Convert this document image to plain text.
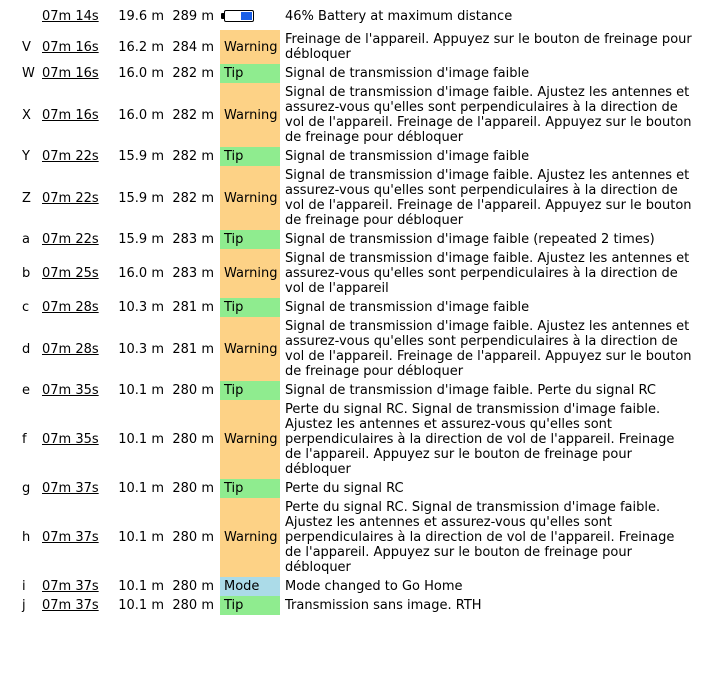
	07m 14s	19.6 m	289 m		46% Battery at maximum distance
V	07m 16s	16.2 m	284 m	Warning	Freinage de l'appareil. Appuyez sur le bouton de freinage pour débloquer
W	07m 16s	16.0 m	282 m	Tip	Signal de transmission d'image faible
X	07m 16s	16.0 m	282 m	Warning	Signal de transmission d'image faible. Ajustez les antennes et assurez-vous qu'elles sont perpendiculaires à la direction de vol de l'appareil. Freinage de l'appareil. Appuyez sur le bouton de freinage pour débloquer
Y	07m 22s	15.9 m	282 m	Tip	Signal de transmission d'image faible
Z	07m 22s	15.9 m	282 m	Warning	Signal de transmission d'image faible. Ajustez les antennes et assurez-vous qu'elles sont perpendiculaires à la direction de vol de l'appareil. Freinage de l'appareil. Appuyez sur le bouton de freinage pour débloquer
a	07m 22s	15.9 m	283 m	Tip	Signal de transmission d'image faible (repeated 2 times)
b	07m 25s	16.0 m	283 m	Warning	Signal de transmission d'image faible. Ajustez les antennes et assurez-vous qu'elles sont perpendiculaires à la direction de vol de l'appareil
c	07m 28s	10.3 m	281 m	Tip	Signal de transmission d'image faible
d	07m 28s	10.3 m	281 m	Warning	Signal de transmission d'image faible. Ajustez les antennes et assurez-vous qu'elles sont perpendiculaires à la direction de vol de l'appareil. Freinage de l'appareil. Appuyez sur le bouton de freinage pour débloquer
e	07m 35s	10.1 m	280 m	Tip	Signal de transmission d'image faible. Perte du signal RC
f	07m 35s	10.1 m	280 m	Warning	Perte du signal RC. Signal de transmission d'image faible. Ajustez les antennes et assurez-vous qu'elles sont perpendiculaires à la direction de vol de l'appareil. Freinage de l'appareil. Appuyez sur le bouton de freinage pour débloquer
g	07m 37s	10.1 m	280 m	Tip	Perte du signal RC
h	07m 37s	10.1 m	280 m	Warning	Perte du signal RC. Signal de transmission d'image faible. Ajustez les antennes et assurez-vous qu'elles sont perpendiculaires à la direction de vol de l'appareil. Freinage de l'appareil. Appuyez sur le bouton de freinage pour débloquer
i	07m 37s	10.1 m	280 m	Mode	Mode changed to Go Home
j	07m 37s	10.1 m	280 m	Tip	Transmission sans image. RTH
